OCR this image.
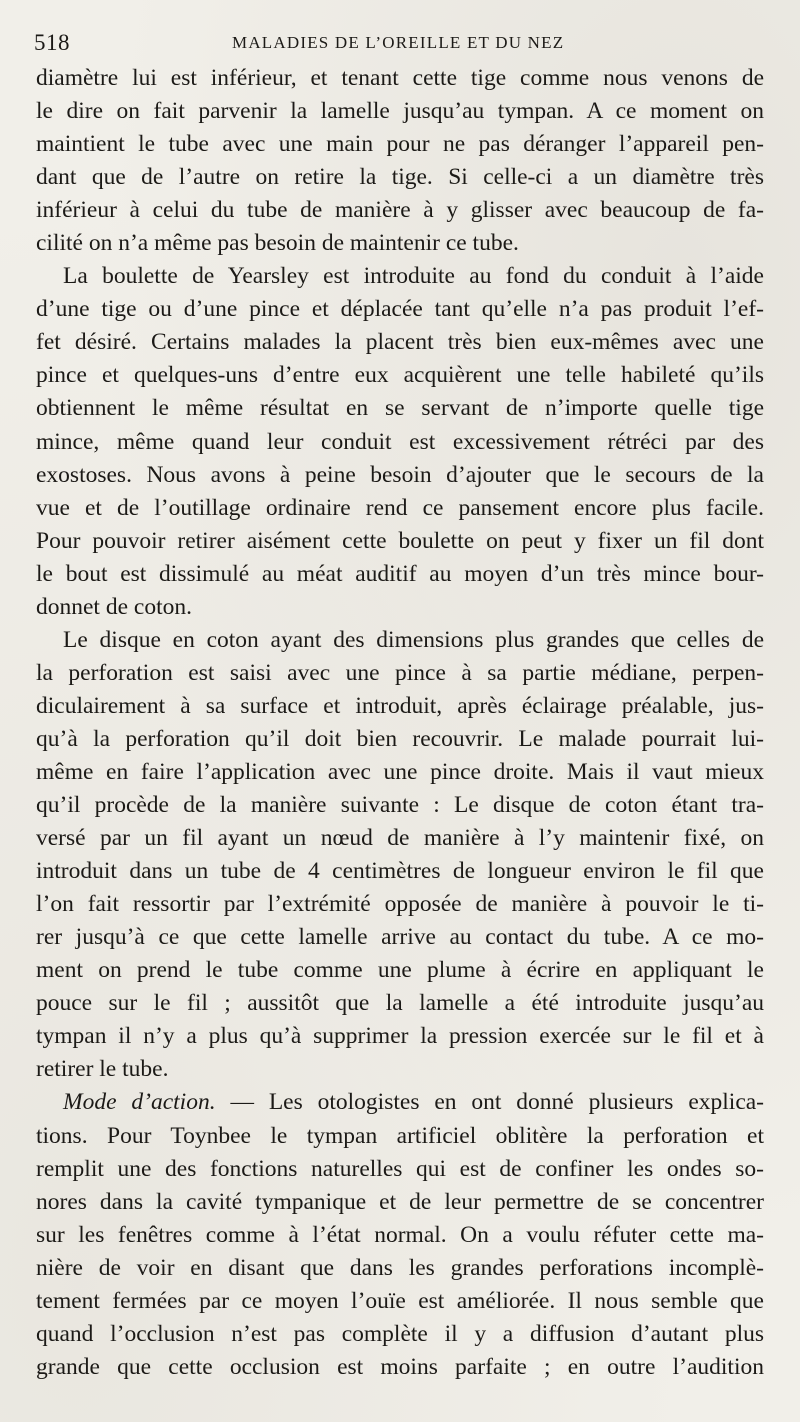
518	MALADIES DE L’OREILLE ET DU NEZ
diamètre lui est inférieur, et tenant cette tige comme nous venons de
le dire on fait parvenir la lamelle jusqu’au tympan. A ce moment on
maintient le tube avec une main pour ne pas déranger l’appareil pen-
dant que de l’autre on retire la tige. Si celle-ci a un diamètre très
inférieur à celui du tube de manière à y glisser avec beaucoup de fa-
cilité on n’a même pas besoin de maintenir ce tube.
La boulette de Yearsley est introduite au fond du conduit à l’aide
d’une tige ou d’une pince et déplacée tant qu’elle n’a pas produit l’ef-
fet désiré. Certains malades la placent très bien eux-mêmes avec une
pince et quelques-uns d’entre eux acquièrent une telle habileté qu’ils
obtiennent le même résultat en se servant de n’importe quelle tige
mince, même quand leur conduit est excessivement rétréci par des
exostoses. Nous avons à peine besoin d’ajouter que le secours de la
vue et de l’outillage ordinaire rend ce pansement encore plus facile.
Pour pouvoir retirer aisément cette boulette on peut y fixer un fil dont
le bout est dissimulé au méat auditif au moyen d’un très mince bour-
donnet de coton.
Le disque en coton ayant des dimensions plus grandes que celles de
la perforation est saisi avec une pince à sa partie médiane, perpen-
diculairement à sa surface et introduit, après éclairage préalable, jus-
qu’à la perforation qu’il doit bien recouvrir. Le malade pourrait lui-
même en faire l’application avec une pince droite. Mais il vaut mieux
qu’il procède de la manière suivante : Le disque de coton étant tra-
versé par un fil ayant un nœud de manière à l’y maintenir fixé, on
introduit dans un tube de 4 centimètres de longueur environ le fil que
l’on fait ressortir par l’extrémité opposée de manière à pouvoir le ti-
rer jusqu’à ce que cette lamelle arrive au contact du tube. A ce mo-
ment on prend le tube comme une plume à écrire en appliquant le
pouce sur le fil ; aussitôt que la lamelle a été introduite jusqu’au
tympan il n’y a plus qu’à supprimer la pression exercée sur le fil et à
retirer le tube.
Mode d’action. — Les otologistes en ont donné plusieurs explica-
tions. Pour Toynbee le tympan artificiel oblitère la perforation et
remplit une des fonctions naturelles qui est de confiner les ondes so-
nores dans la cavité tympanique et de leur permettre de se concentrer
sur les fenêtres comme à l’état normal. On a voulu réfuter cette ma-
nière de voir en disant que dans les grandes perforations incomplè-
tement fermées par ce moyen l’ouïe est améliorée. Il nous semble que
quand l’occlusion n’est pas complète il y a diffusion d’autant plus
grande que cette occlusion est moins parfaite ; en outre l’audition
